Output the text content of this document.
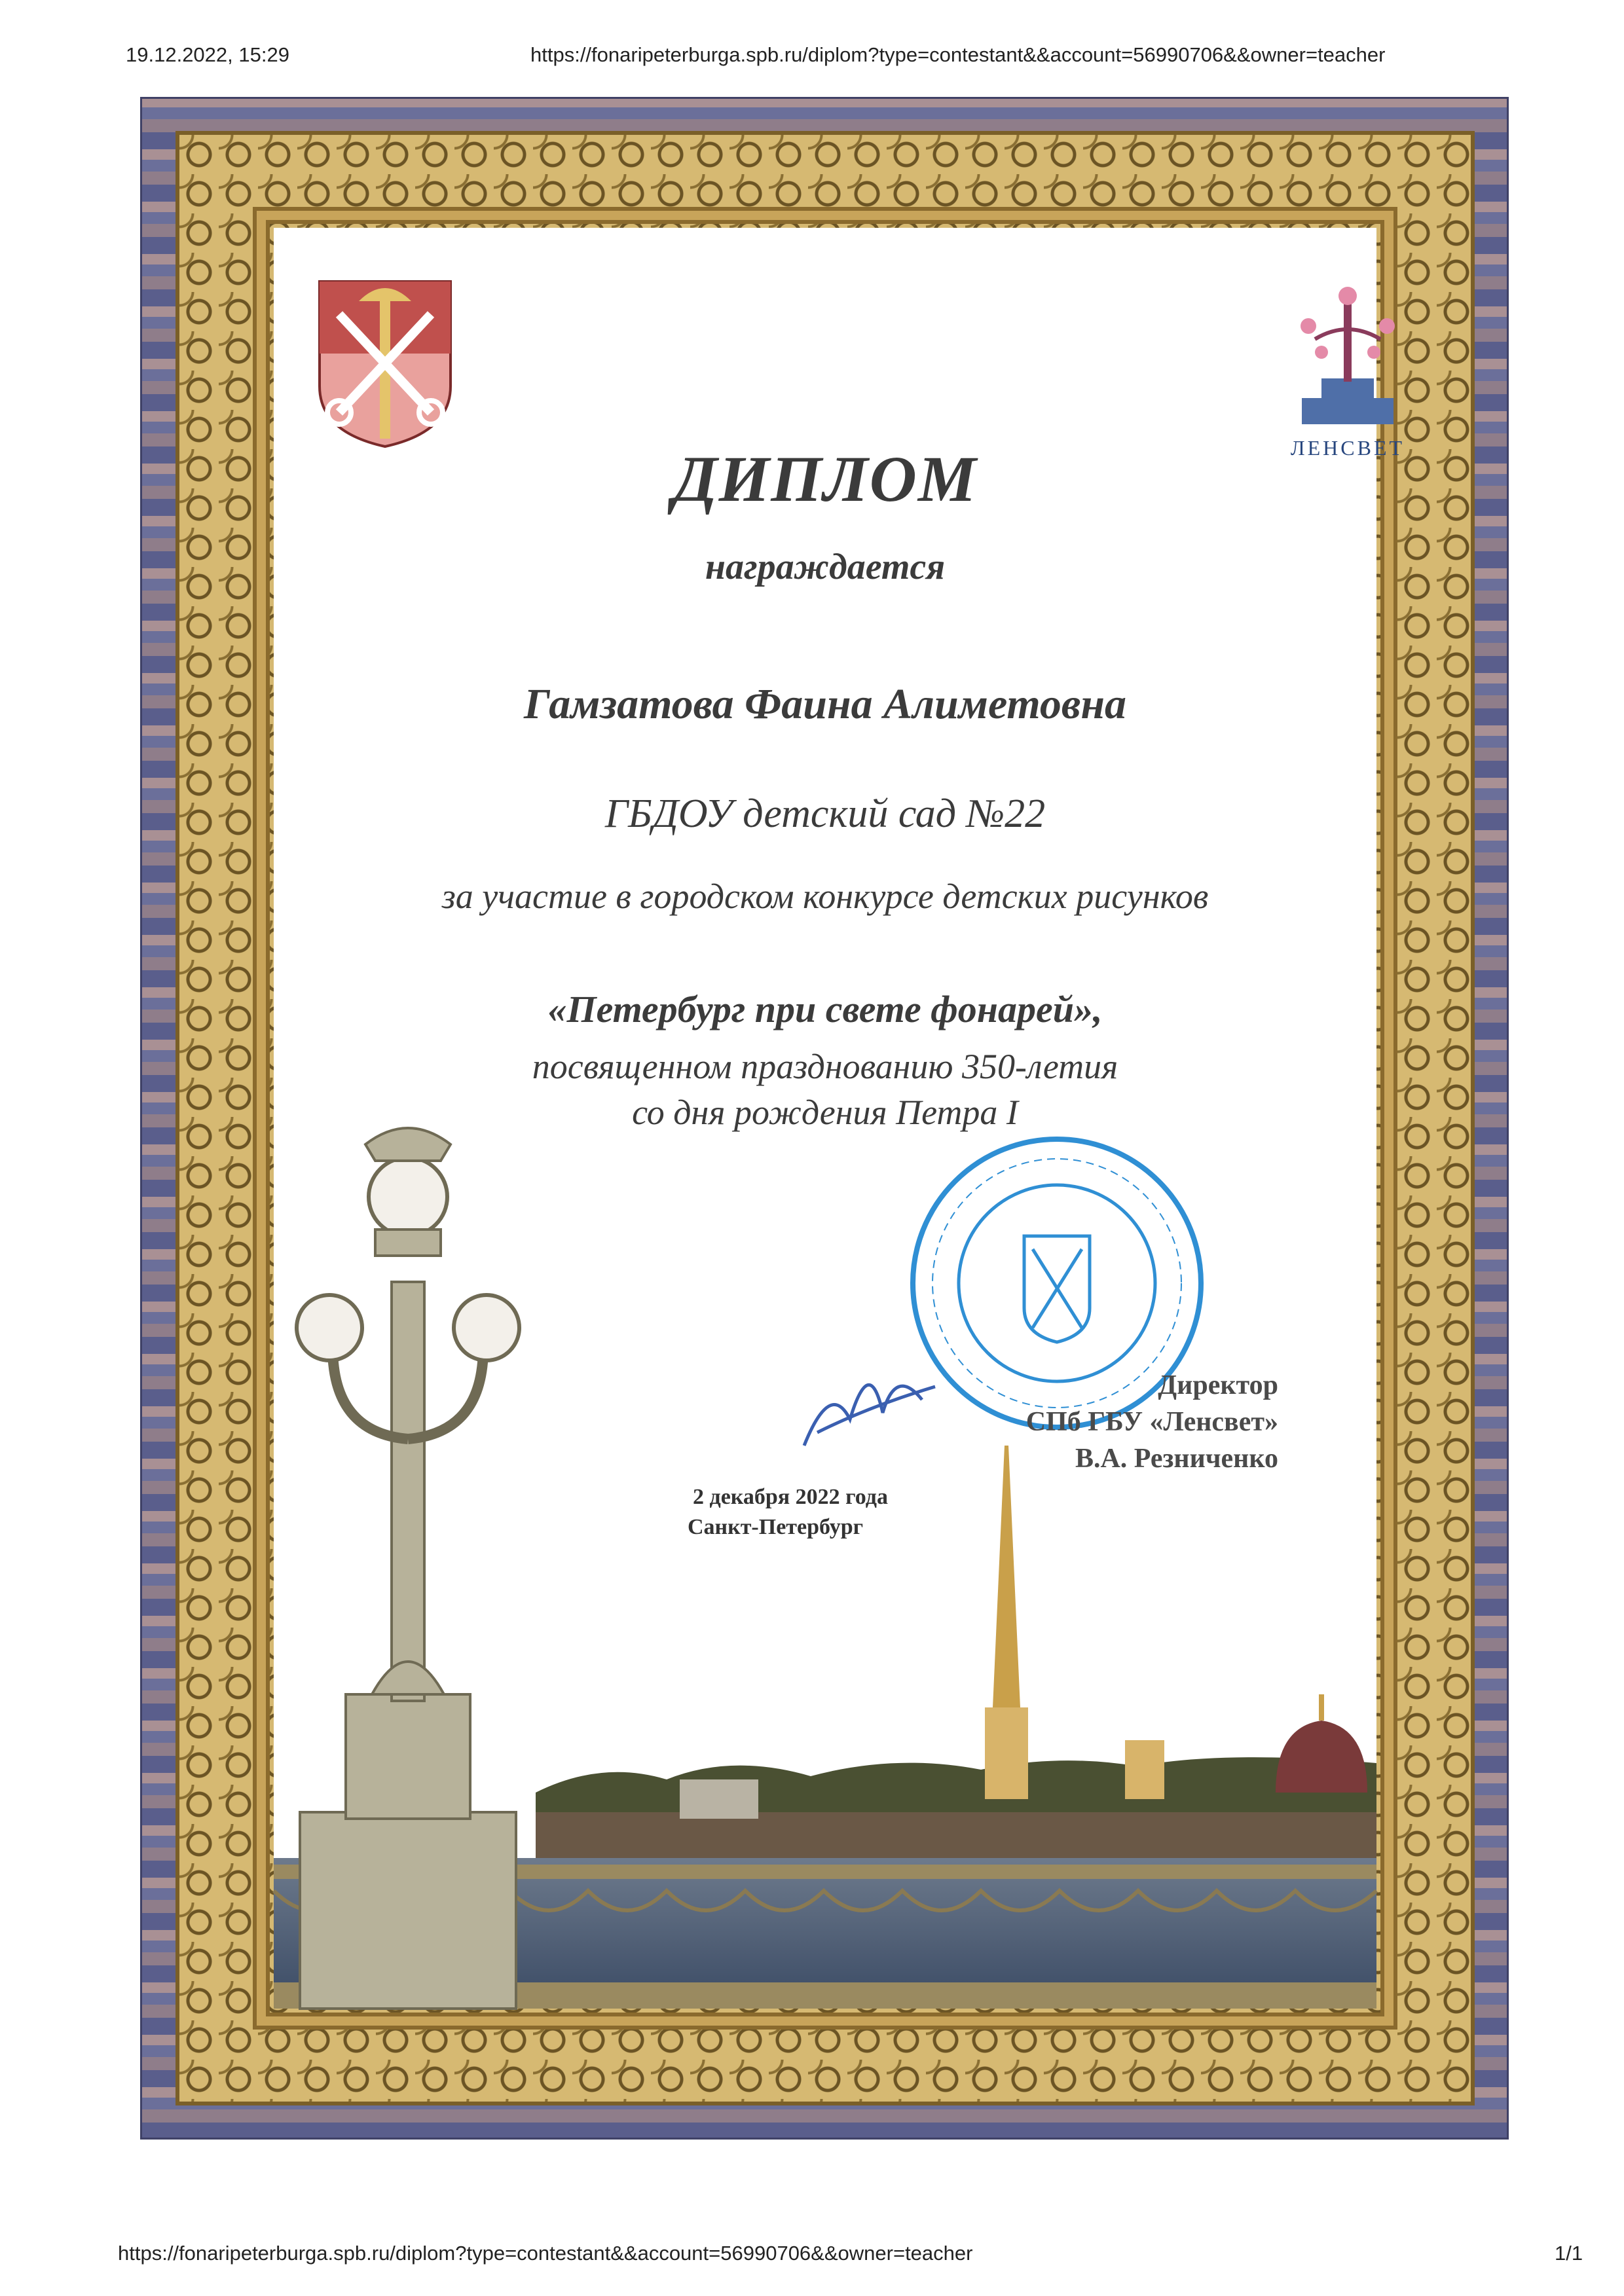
19.12.2022, 15:29	https://fonaripeterburga.spb.ru/diplom?type=contestant&&account=56990706&&owner=teacher
ЛЕНСВЕТ
ДИПЛОМ
награждается
Гамзатова Фаина Алиметовна
ГБДОУ детский сад №22
за участие в городском конкурсе детских рисунков
«Петербург при свете фонарей»,
посвященном празднованию 350-летия
со дня рождения Петра I
2 декабря 2022 года
Санкт-Петербург
Директор
СПб ГБУ «Ленсвет»
В.А. Резниченко
https://fonaripeterburga.spb.ru/diplom?type=contestant&&account=56990706&&owner=teacher	1/1
